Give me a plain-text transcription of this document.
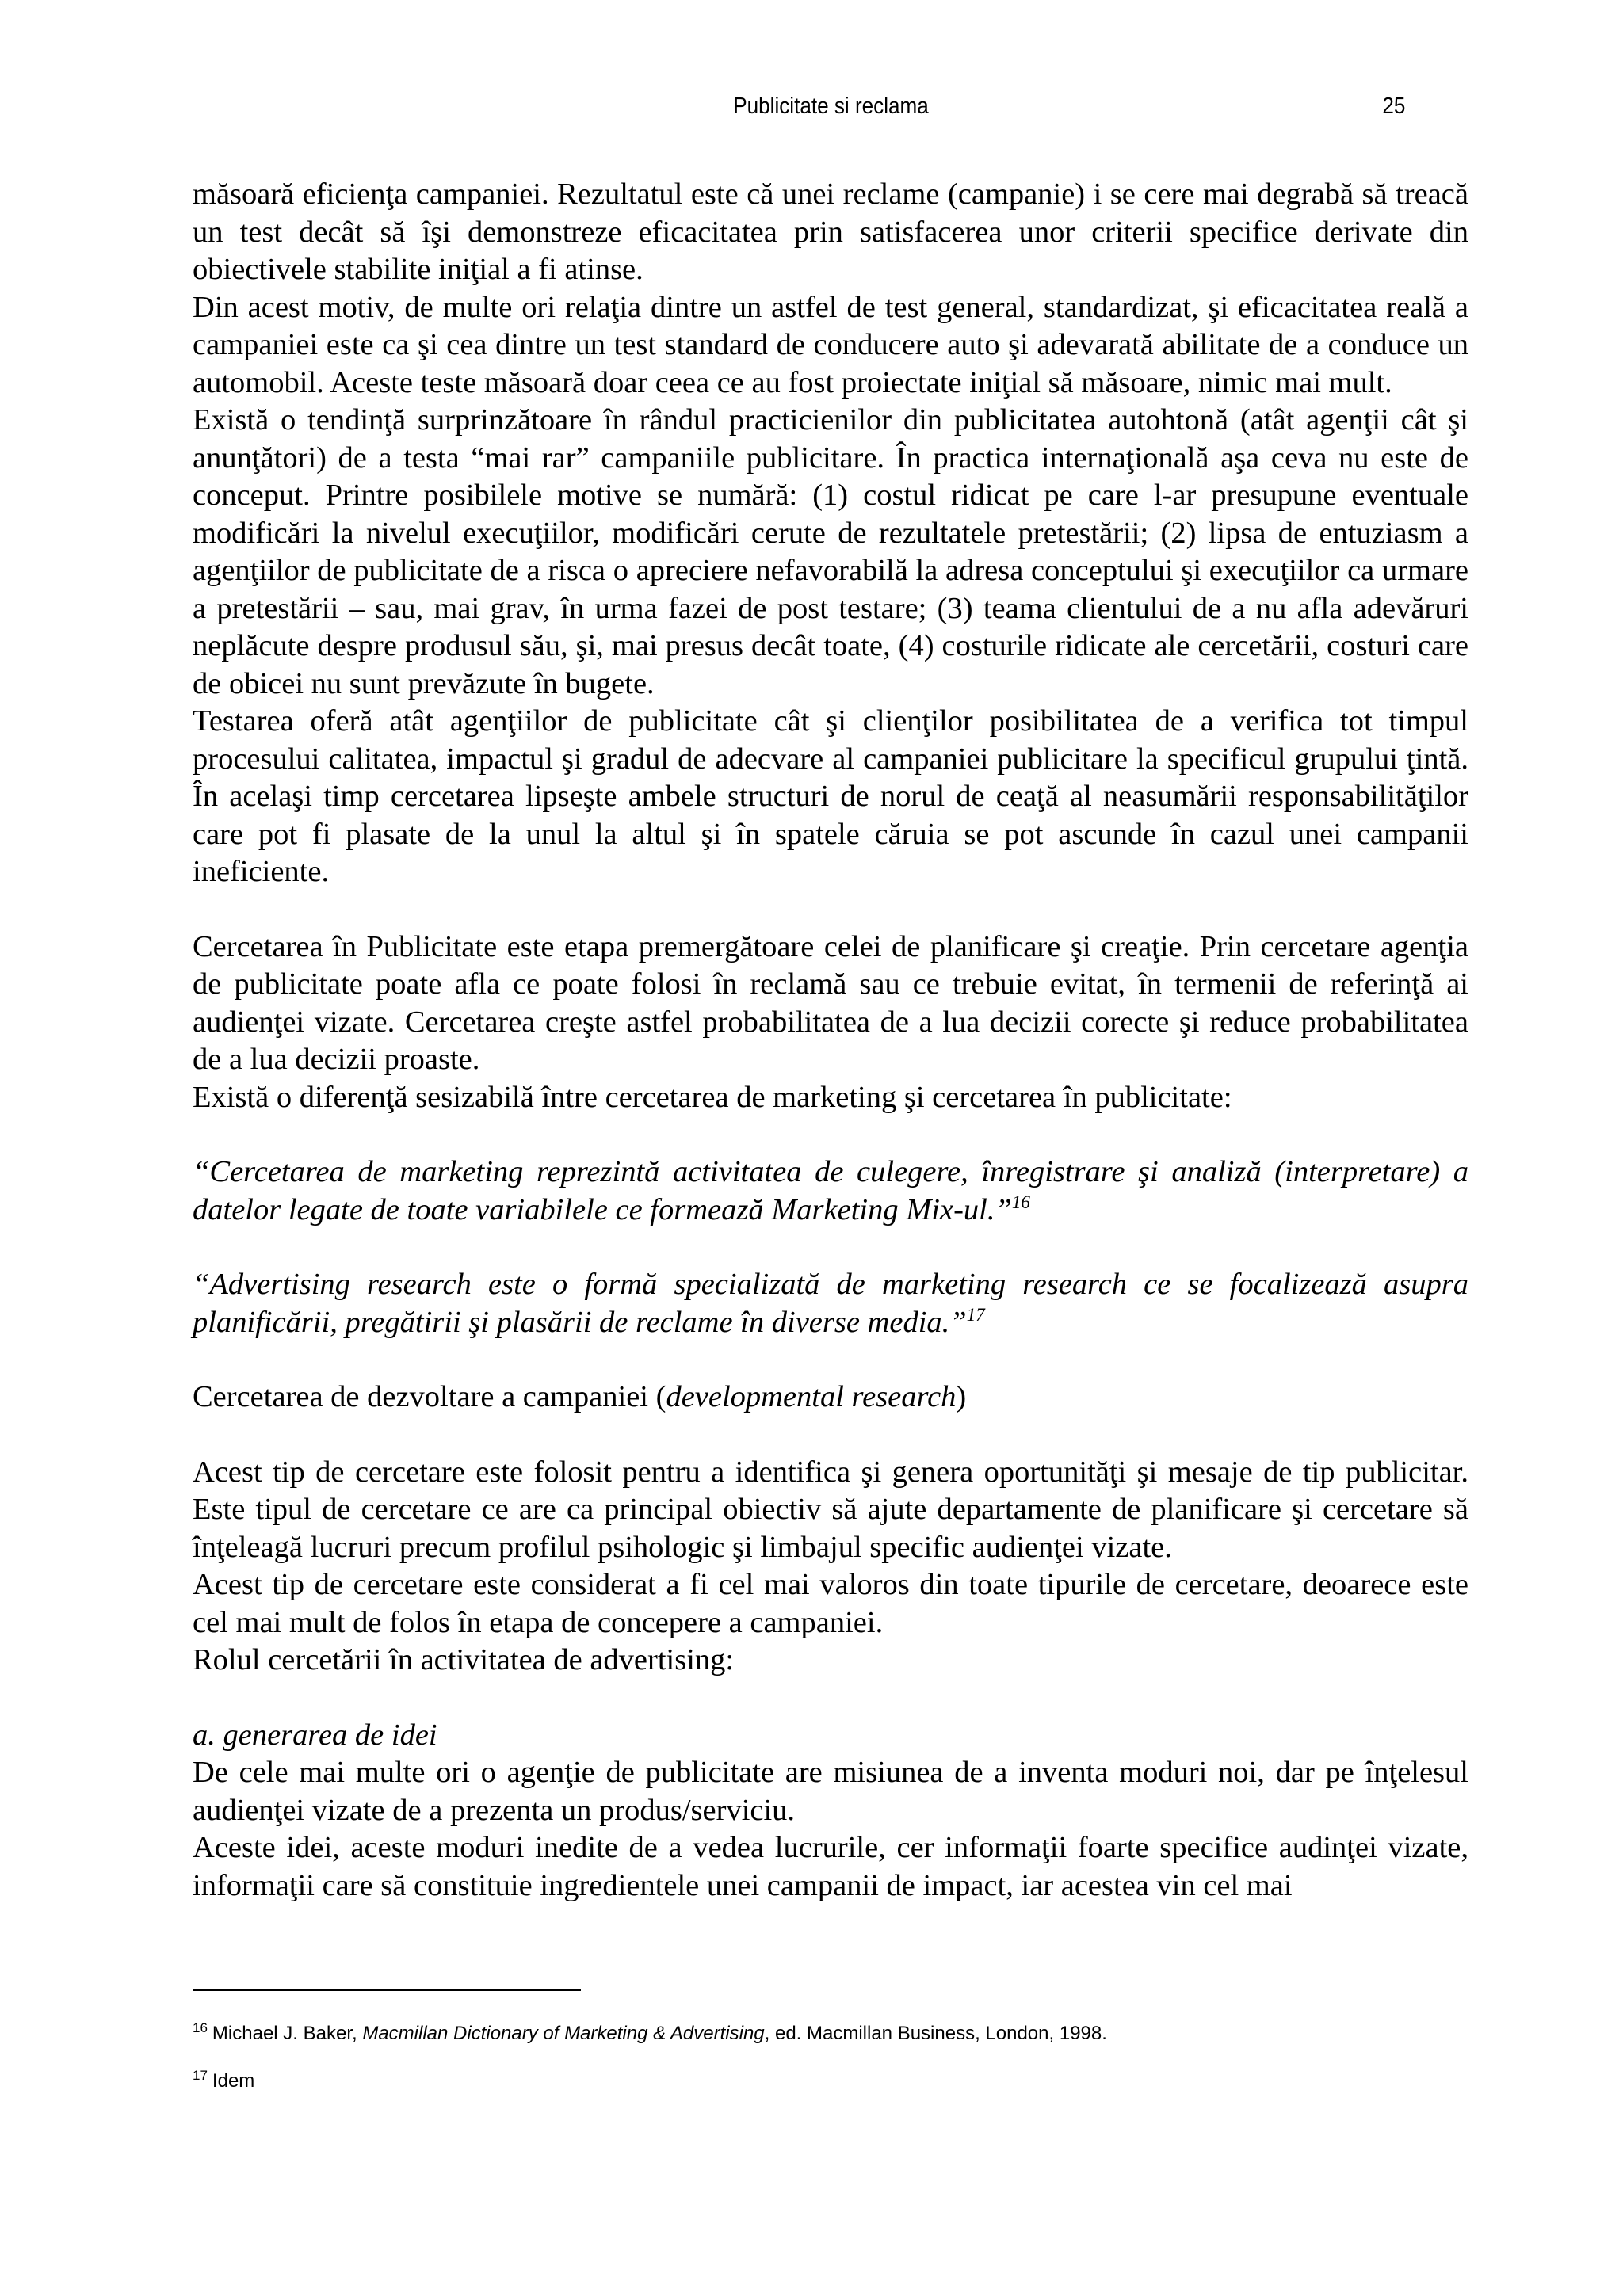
Publicitate si reclama	25

măsoară eficienţa campaniei. Rezultatul este că unei reclame (campanie) i se cere mai degrabă să treacă un test decât să îşi demonstreze eficacitatea prin satisfacerea unor criterii specifice derivate din obiectivele stabilite iniţial a fi atinse.

Din acest motiv, de multe ori relaţia dintre un astfel de test general, standardizat, şi eficacitatea reală a campaniei este ca şi cea dintre un test standard de conducere auto şi adevarată abilitate de a conduce un automobil. Aceste teste măsoară doar ceea ce au fost proiectate iniţial să măsoare, nimic mai mult.

Există o tendinţă surprinzătoare în rândul practicienilor din publicitatea autohtonă (atât agenţii cât şi anunţători) de a testa “mai rar” campaniile publicitare. În practica internaţională aşa ceva nu este de conceput. Printre posibilele motive se numără: (1) costul ridicat pe care l-ar presupune eventuale modificări la nivelul execuţiilor, modificări cerute de rezultatele pretestării; (2) lipsa de entuziasm a agenţiilor de publicitate de a risca o apreciere nefavorabilă la adresa conceptului şi execuţiilor ca urmare a pretestării – sau, mai grav, în urma fazei de post testare; (3) teama clientului de a nu afla adevăruri neplăcute despre produsul său, şi, mai presus decât toate, (4) costurile ridicate ale cercetării, costuri care de obicei nu sunt prevăzute în bugete.

Testarea oferă atât agenţiilor de publicitate cât şi clienţilor posibilitatea de a verifica tot timpul procesului calitatea, impactul şi gradul de adecvare al campaniei publicitare la specificul grupului ţintă. În acelaşi timp cercetarea lipseşte ambele structuri de norul de ceaţă al neasumării responsabilităţilor care pot fi plasate de la unul la altul şi în spatele căruia se pot ascunde în cazul unei campanii ineficiente.

Cercetarea în Publicitate este etapa premergătoare celei de planificare şi creaţie. Prin cercetare agenţia de publicitate poate afla ce poate folosi în reclamă sau ce trebuie evitat, în termenii de referinţă ai audienţei vizate. Cercetarea creşte astfel probabilitatea de a lua decizii corecte şi reduce probabilitatea de a lua decizii proaste.

Există o diferenţă sesizabilă între cercetarea de marketing şi cercetarea în publicitate:

“Cercetarea de marketing reprezintă activitatea de culegere, înregistrare şi analiză (interpretare) a datelor legate de toate variabilele ce formează Marketing Mix-ul.”$^{16}$

“Advertising research este o formă specializată de marketing research ce se focalizează asupra planificării, pregătirii şi plasării de reclame în diverse media.”$^{17}$

Cercetarea de dezvoltare a campaniei (developmental research)

Acest tip de cercetare este folosit pentru a identifica şi genera oportunităţi şi mesaje de tip publicitar. Este tipul de cercetare ce are ca principal obiectiv să ajute departamente de planificare şi cercetare să înţeleagă lucruri precum profilul psihologic şi limbajul specific audienţei vizate.

Acest tip de cercetare este considerat a fi cel mai valoros din toate tipurile de cercetare, deoarece este cel mai mult de folos în etapa de concepere a campaniei.

Rolul cercetării în activitatea de advertising:

a. generarea de idei

De cele mai multe ori o agenţie de publicitate are misiunea de a inventa moduri noi, dar pe înţelesul audienţei vizate de a prezenta un produs/serviciu.

Aceste idei, aceste moduri inedite de a vedea lucrurile, cer informaţii foarte specifice audinţei vizate, informaţii care să constituie ingredientele unei campanii de impact, iar acestea vin cel mai

$^{16}$ Michael J. Baker, Macmillan Dictionary of Marketing & Advertising, ed. Macmillan Business, London, 1998.

$^{17}$ Idem
